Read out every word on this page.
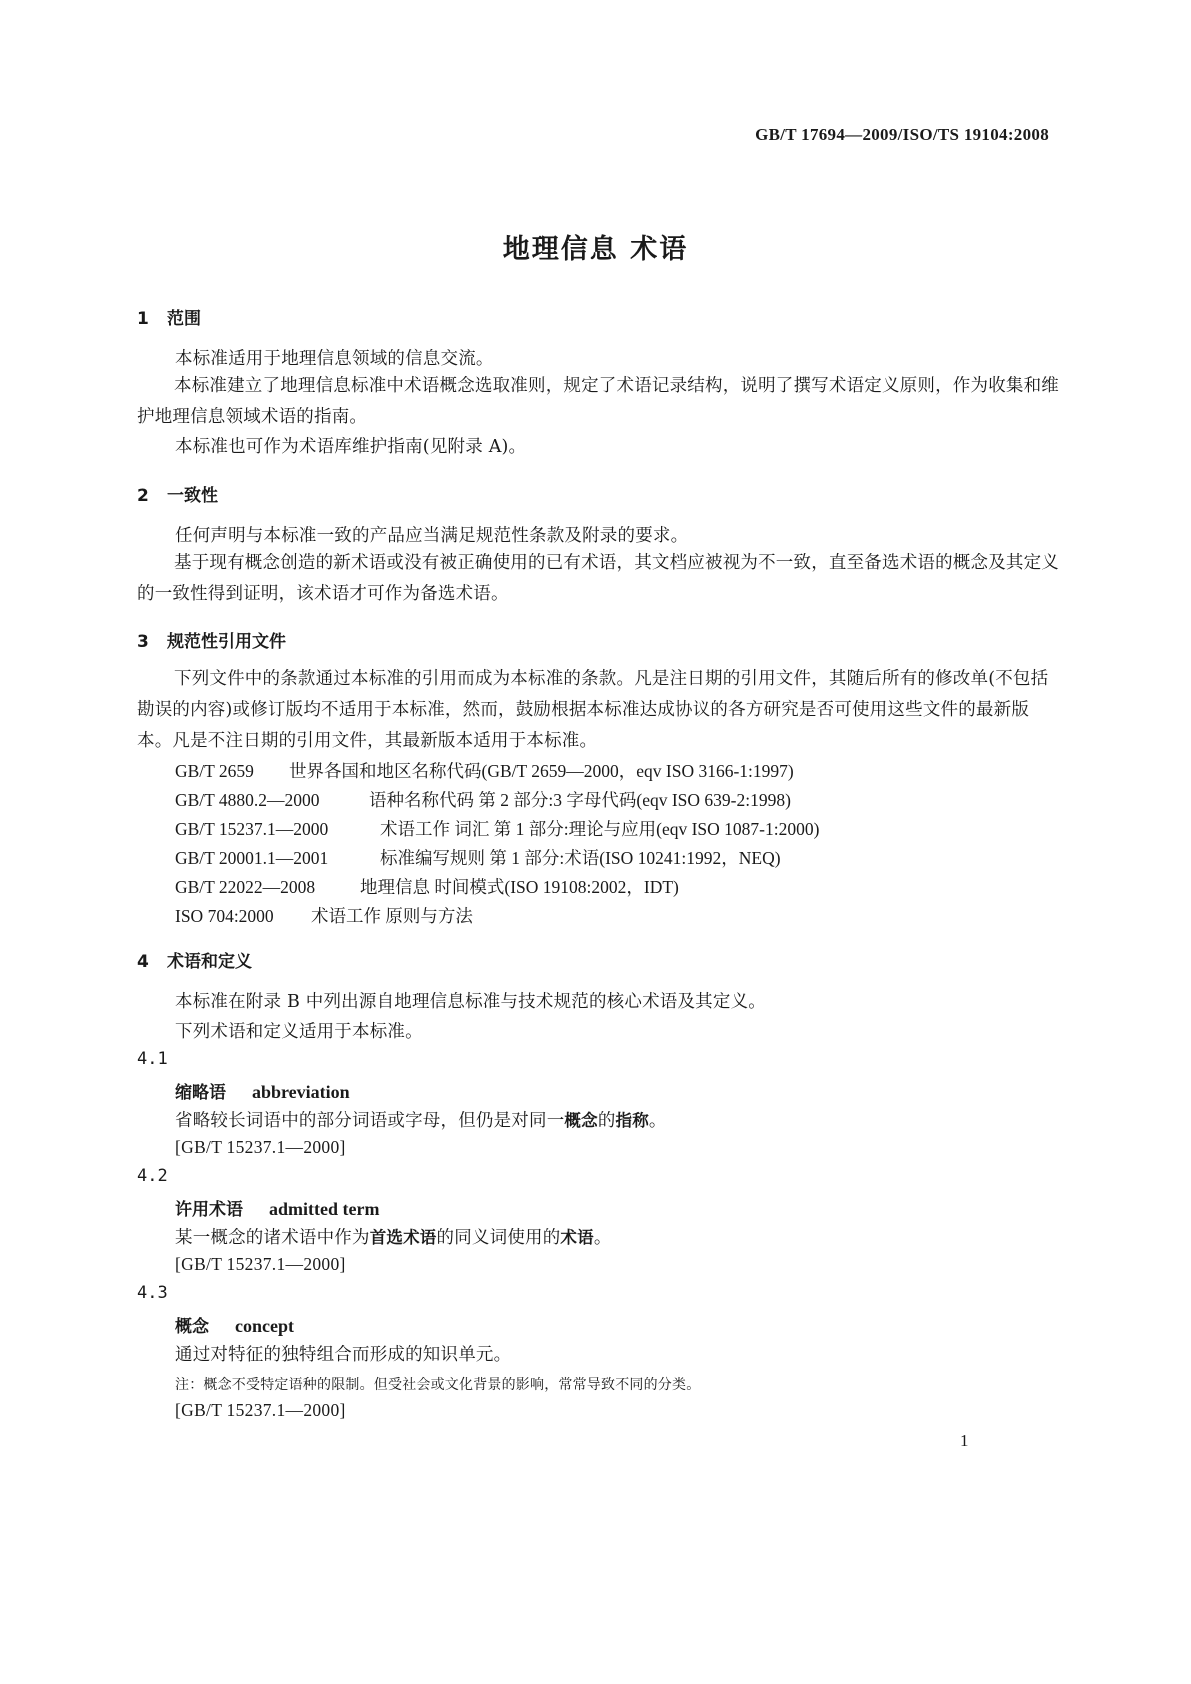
GB/T 17694—2009/ISO/TS 19104:2008
地理信息 术语
1 范围
本标准适用于地理信息领域的信息交流。
本标准建立了地理信息标准中术语概念选取准则，规定了术语记录结构，说明了撰写术语定义原则，作为收集和维护地理信息领域术语的指南。
本标准也可作为术语库维护指南(见附录 A)。
2 一致性
任何声明与本标准一致的产品应当满足规范性条款及附录的要求。
基于现有概念创造的新术语或没有被正确使用的已有术语，其文档应被视为不一致，直至备选术语的概念及其定义的一致性得到证明，该术语才可作为备选术语。
3 规范性引用文件
下列文件中的条款通过本标准的引用而成为本标准的条款。凡是注日期的引用文件，其随后所有的修改单(不包括勘误的内容)或修订版均不适用于本标准，然而，鼓励根据本标准达成协议的各方研究是否可使用这些文件的最新版本。凡是不注日期的引用文件，其最新版本适用于本标准。
GB/T 2659 世界各国和地区名称代码(GB/T 2659—2000，eqv ISO 3166-1:1997)
GB/T 4880.2—2000	语种名称代码 第 2 部分:3 字母代码(eqv ISO 639-2:1998)
GB/T 15237.1—2000	术语工作 词汇 第 1 部分:理论与应用(eqv ISO 1087-1:2000)
GB/T 20001.1—2001	标准编写规则 第 1 部分:术语(ISO 10241:1992，NEQ)
GB/T 22022—2008	地理信息 时间模式(ISO 19108:2002，IDT)
ISO 704:2000 术语工作 原则与方法
4 术语和定义
本标准在附录 B 中列出源自地理信息标准与技术规范的核心术语及其定义。
下列术语和定义适用于本标准。
4.1
缩略语 abbreviation
省略较长词语中的部分词语或字母，但仍是对同一概念的指称。
[GB/T 15237.1—2000]
4.2
许用术语 admitted term
某一概念的诸术语中作为首选术语的同义词使用的术语。
[GB/T 15237.1—2000]
4.3
概念 concept
通过对特征的独特组合而形成的知识单元。
注：概念不受特定语种的限制。但受社会或文化背景的影响，常常导致不同的分类。
[GB/T 15237.1—2000]
1
